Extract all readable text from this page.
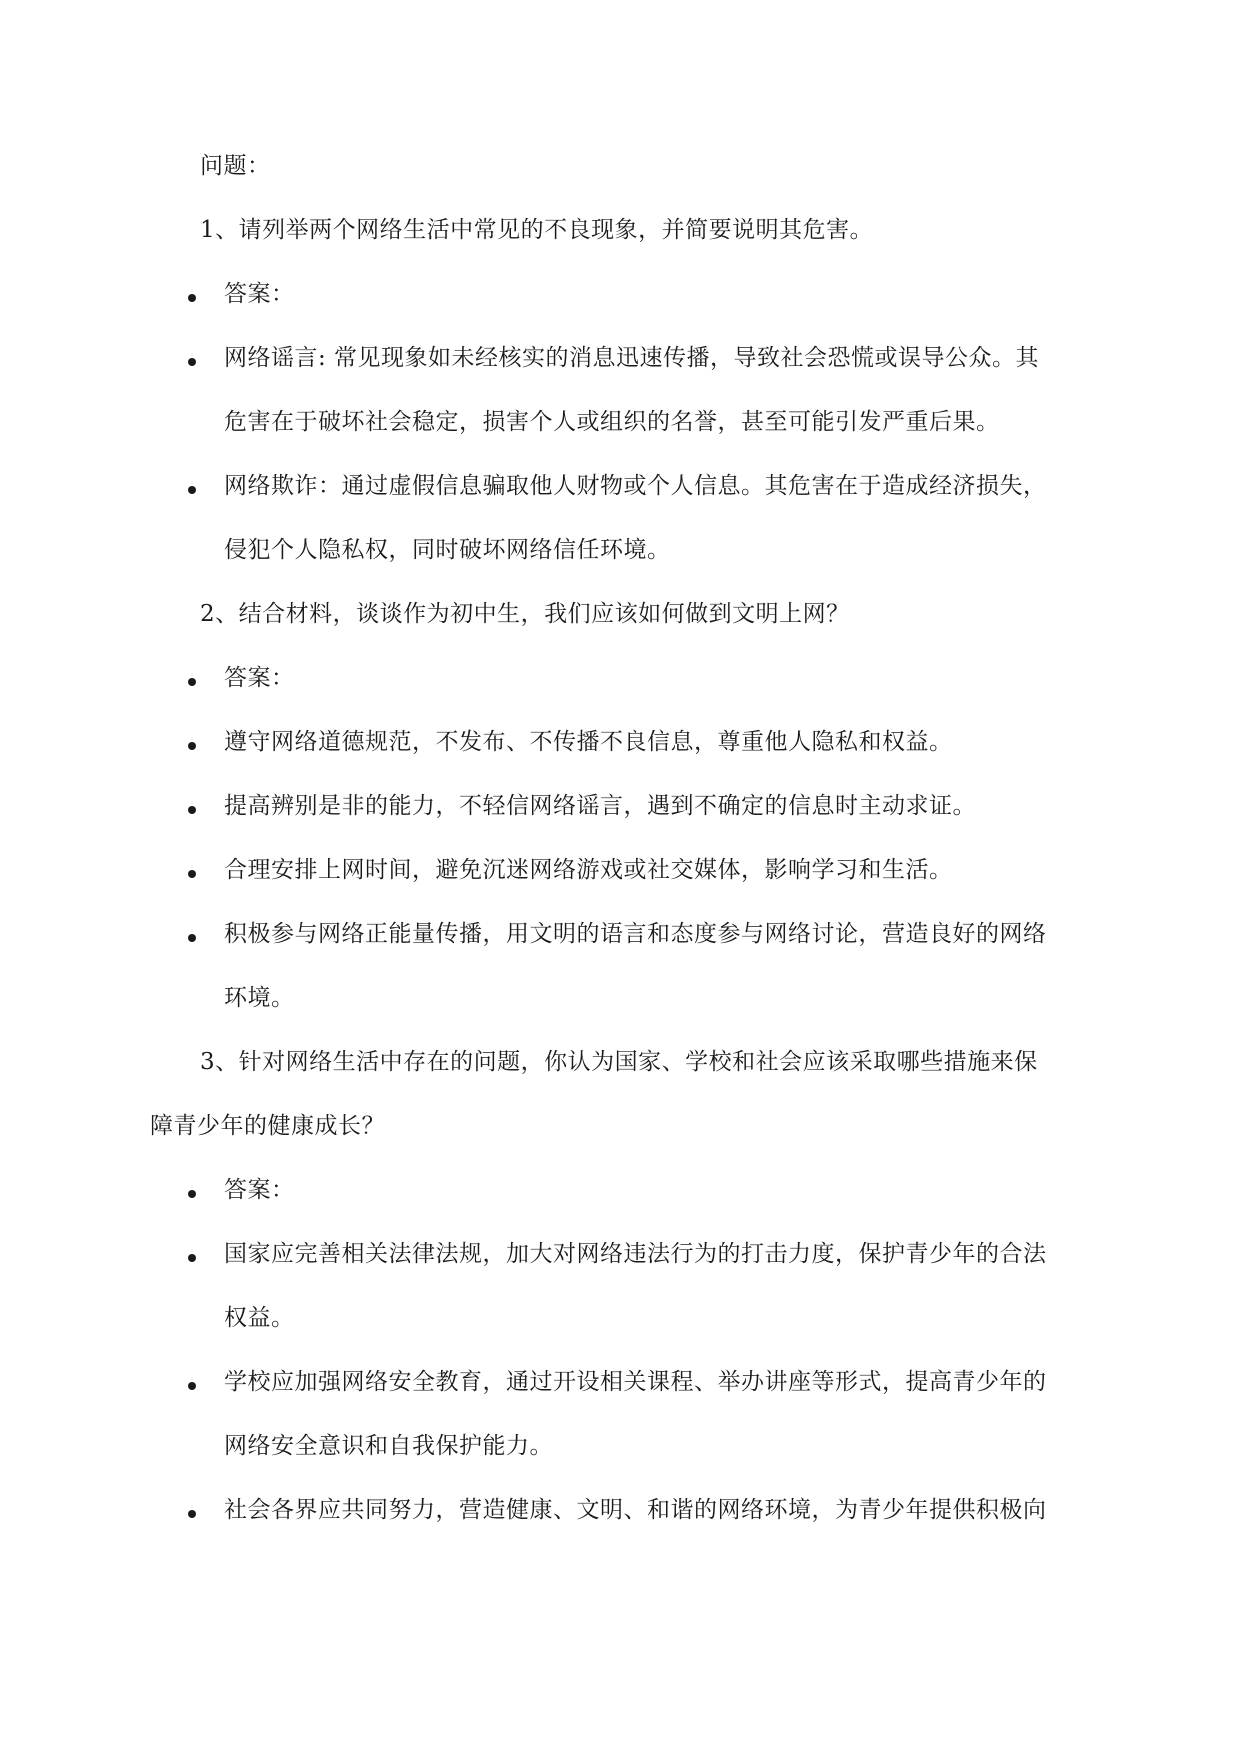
问题：
1、请列举两个网络生活中常见的不良现象，并简要说明其危害。
答案：
网络谣言: 常见现象如未经核实的消息迅速传播，导致社会恐慌或误导公众。其
危害在于破坏社会稳定，损害个人或组织的名誉，甚至可能引发严重后果。
网络欺诈：通过虚假信息骗取他人财物或个人信息。其危害在于造成经济损失，
侵犯个人隐私权，同时破坏网络信任环境。
2、结合材料，谈谈作为初中生，我们应该如何做到文明上网？
答案：
遵守网络道德规范，不发布、不传播不良信息，尊重他人隐私和权益。
提高辨别是非的能力，不轻信网络谣言，遇到不确定的信息时主动求证。
合理安排上网时间，避免沉迷网络游戏或社交媒体，影响学习和生活。
积极参与网络正能量传播，用文明的语言和态度参与网络讨论，营造良好的网络
环境。
3、针对网络生活中存在的问题，你认为国家、学校和社会应该采取哪些措施来保
障青少年的健康成长？
答案：
国家应完善相关法律法规，加大对网络违法行为的打击力度，保护青少年的合法
权益。
学校应加强网络安全教育，通过开设相关课程、举办讲座等形式，提高青少年的
网络安全意识和自我保护能力。
社会各界应共同努力，营造健康、文明、和谐的网络环境，为青少年提供积极向
